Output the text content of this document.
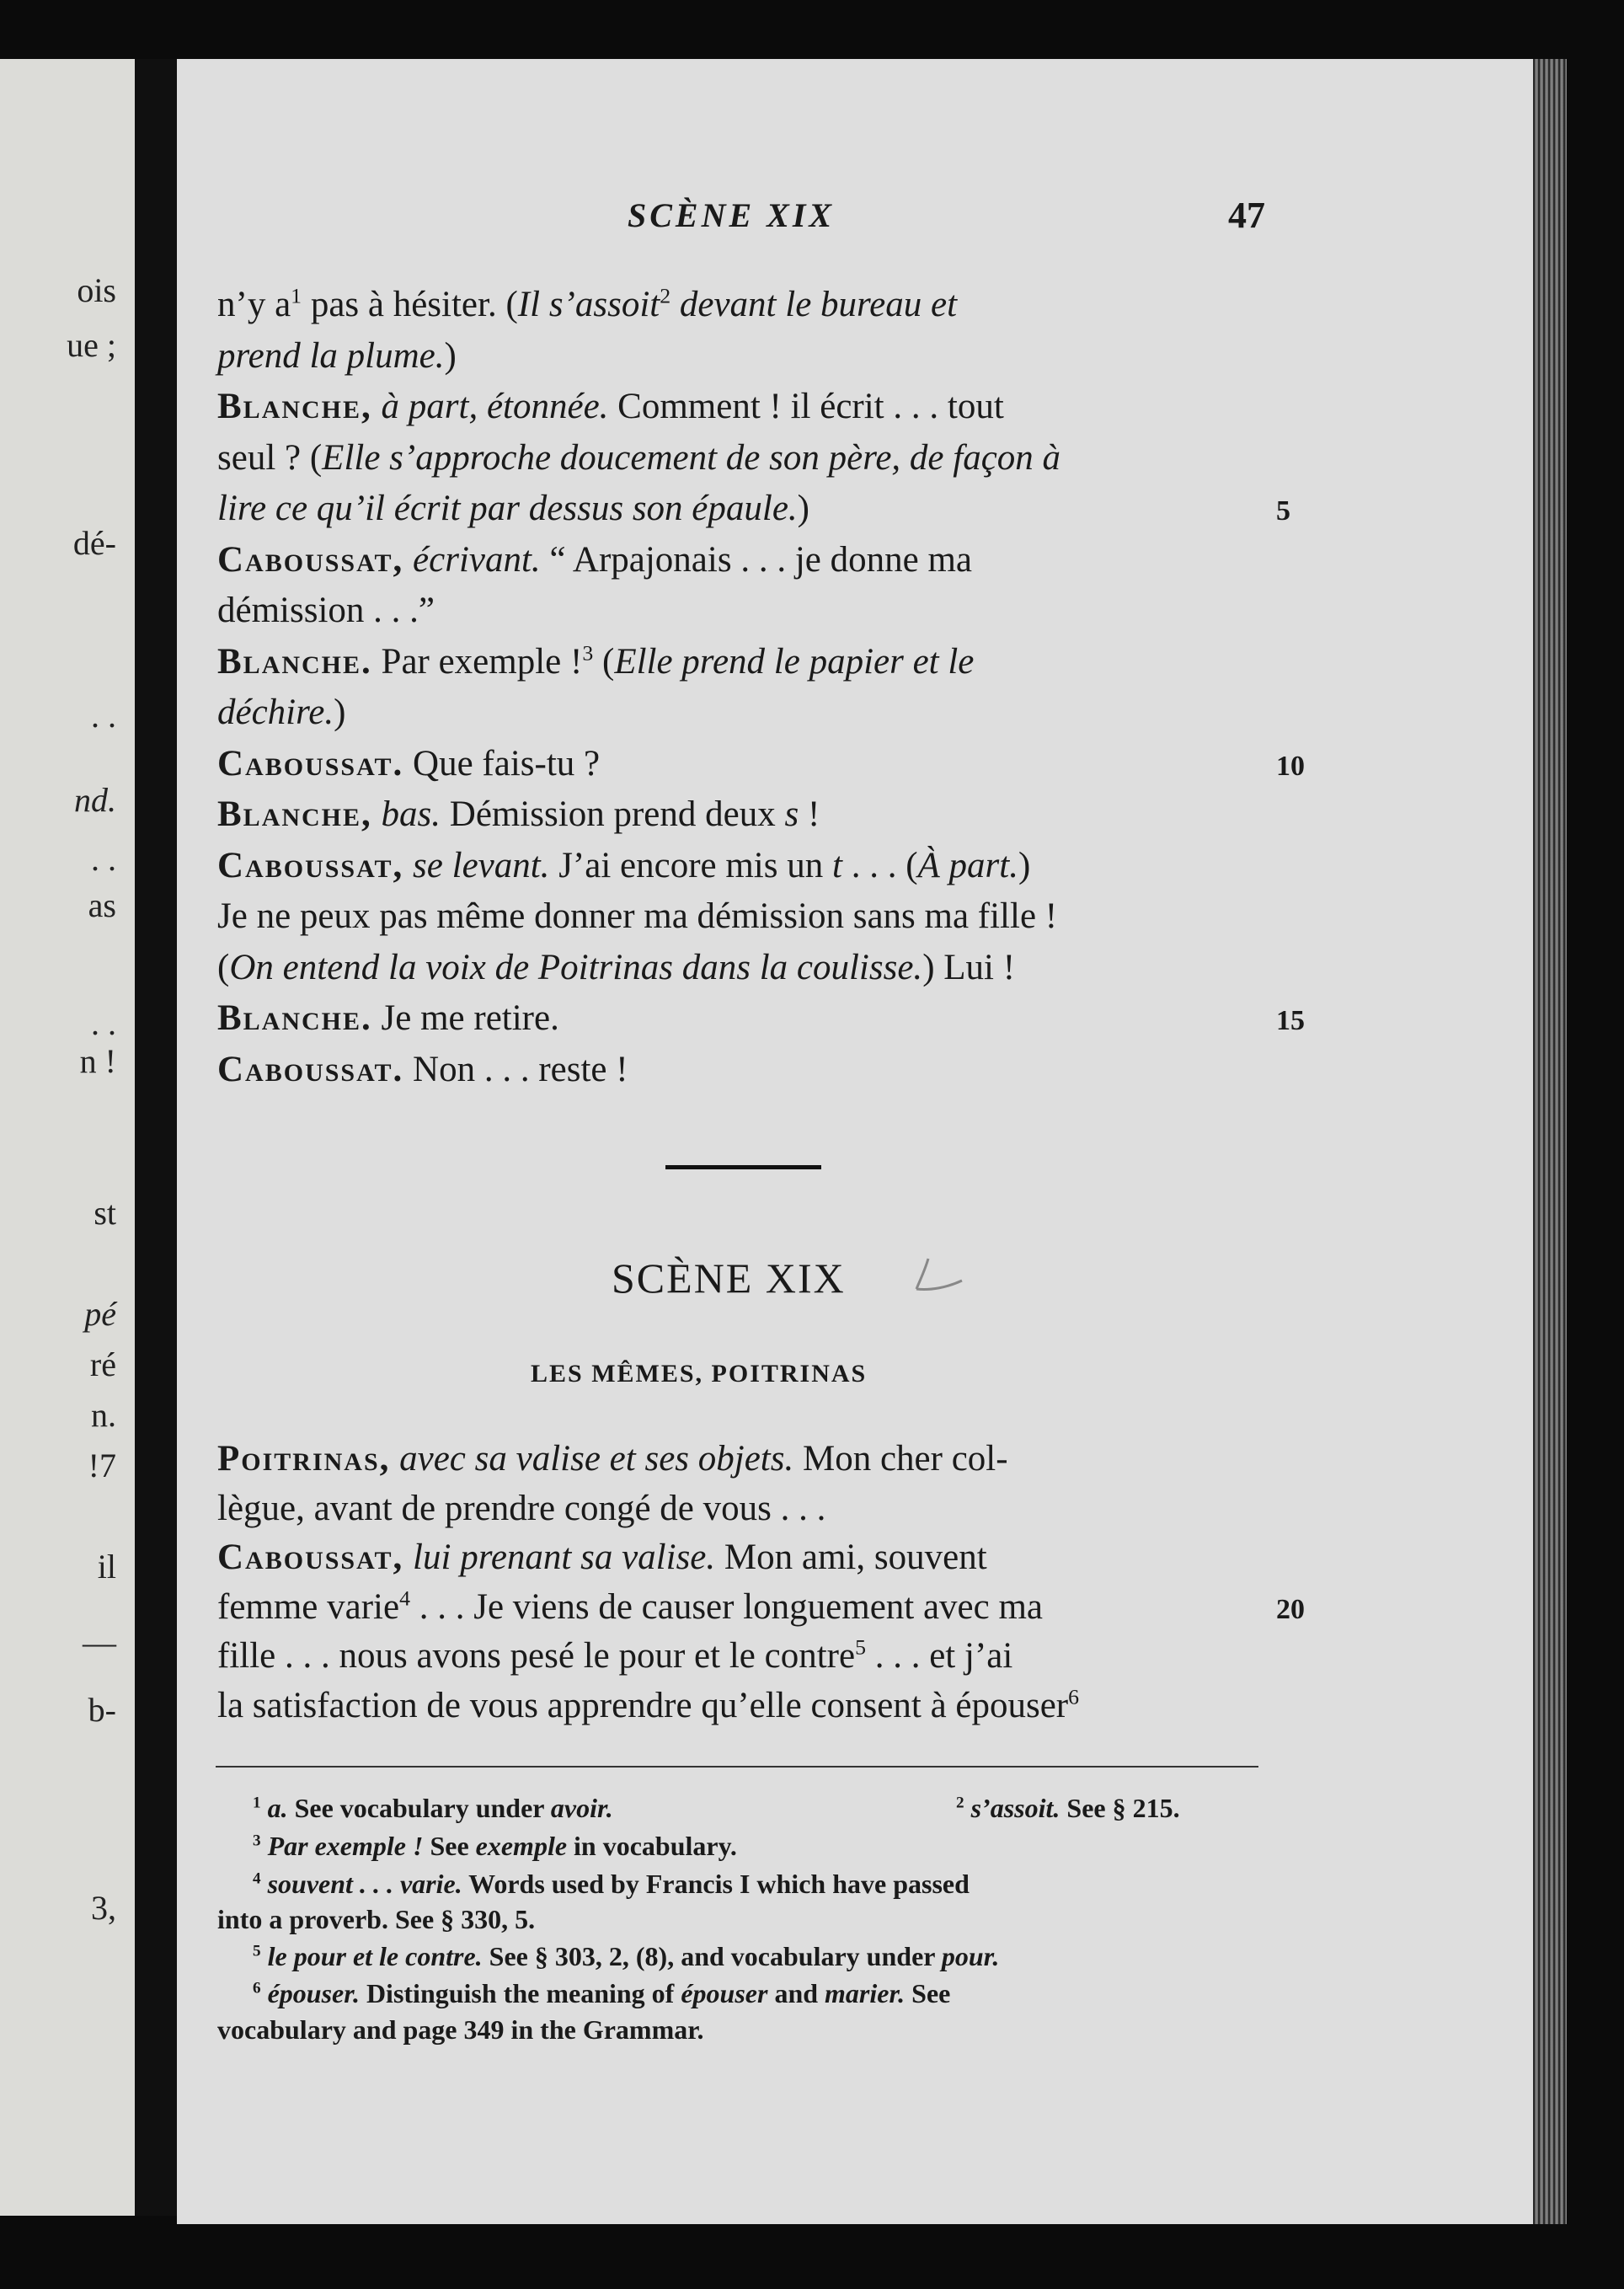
ois
ue ;
dé-
. .
nd.
. .
as
. .
n !
st
pé
ré
n.
!7
il
—
b-
3,
SCÈNE XIX	47
n’y $a^1$ pas à hésiter. (Il s’assoit$^2$ devant le bureau et
prend la plume.)
Blanche, à part, étonnée. Comment ! il écrit . . . tout
seul ? (Elle s’approche doucement de son père, de façon à
lire ce qu’il écrit par dessus son épaule.)	5
Caboussat, écrivant. “ Arpajonais . . . je donne ma
démission . . .”
Blanche. Par exemple !$^3$ (Elle prend le papier et le
déchire.)
Caboussat. Que fais-tu ?	10
Blanche, bas. Démission prend deux s !
Caboussat, se levant. J’ai encore mis un t . . . (À part.)
Je ne peux pas même donner ma démission sans ma fille !
(On entend la voix de Poitrinas dans la coulisse.) Lui !
Blanche. Je me retire.	15
Caboussat. Non . . . reste !
SCÈNE XIX
LES MÊMES, POITRINAS
Poitrinas, avec sa valise et ses objets. Mon cher col-
lègue, avant de prendre congé de vous . . .
Caboussat, lui prenant sa valise. Mon ami, souvent
femme varie$^4$ . . . Je viens de causer longuement avec ma	20
fille . . . nous avons pesé le pour et le contre$^5$ . . . et j’ai
la satisfaction de vous apprendre qu’elle consent à épouser$^6$
$^1$ a. See vocabulary under avoir.	$^2$ s’assoit. See § 215.
$^3$ Par exemple ! See exemple in vocabulary.
$^4$ souvent . . . varie. Words used by Francis I which have passed
into a proverb. See § 330, 5.
$^5$ le pour et le contre. See § 303, 2, (8), and vocabulary under pour.
$^6$ épouser. Distinguish the meaning of épouser and marier. See
vocabulary and page 349 in the Grammar.
